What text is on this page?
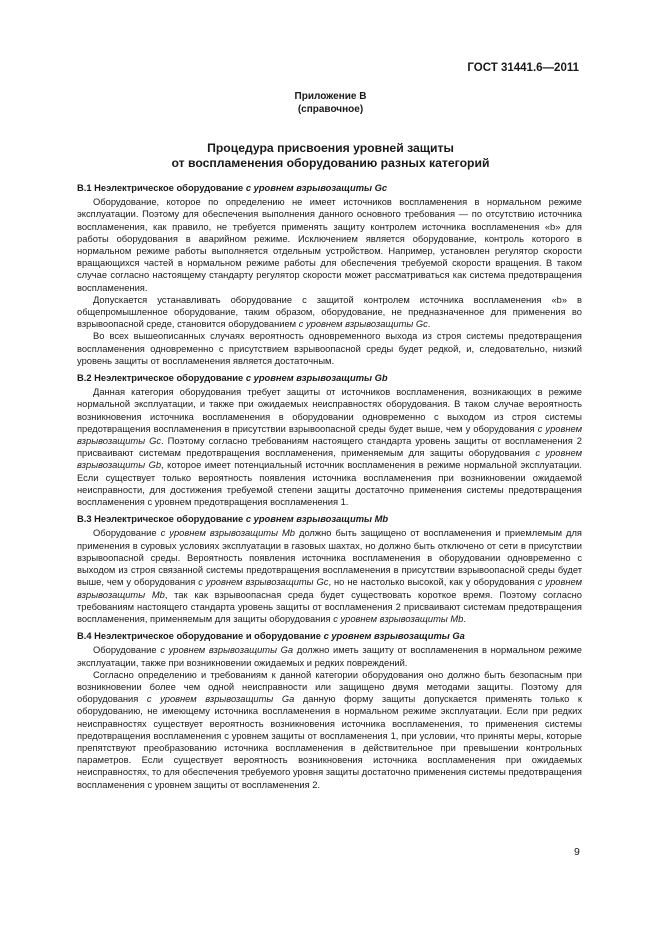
ГОСТ 31441.6—2011
Приложение В
(справочное)
Процедура присвоения уровней защиты
от воспламенения оборудованию разных категорий
В.1 Неэлектрическое оборудование с уровнем взрывозащиты Gc

Оборудование, которое по определению не имеет источников воспламенения в нормальном режиме эксплуатации. Поэтому для обеспечения выполнения данного основного требования — по отсутствию источника воспламенения, как правило, не требуется применять защиту контролем источника воспламенения «b» для работы оборудования в аварийном режиме. Исключением является оборудование, контроль которого в нормальном режиме работы выполняется отдельным устройством. Например, установлен регулятор скорости вращающихся частей в нормальном режиме работы для обеспечения требуемой скорости вращения. В таком случае согласно настоящему стандарту регулятор скорости может рассматриваться как система предотвращения воспламенения.

Допускается устанавливать оборудование с защитой контролем источника воспламенения «b» в общепромышленное оборудование, таким образом, оборудование, не предназначенное для применения во взрывоопасной среде, становится оборудованием с уровнем взрывозащиты Gc.

Во всех вышеописанных случаях вероятность одновременного выхода из строя системы предотвращения воспламенения одновременно с присутствием взрывоопасной среды будет редкой, и, следовательно, низкий уровень защиты от воспламенения является достаточным.

В.2 Неэлектрическое оборудование с уровнем взрывозащиты Gb

Данная категория оборудования требует защиты от источников воспламенения, возникающих в режиме нормальной эксплуатации, и также при ожидаемых неисправностях оборудования. В таком случае вероятность возникновения источника воспламенения в оборудовании одновременно с выходом из строя системы предотвращения воспламенения в присутствии взрывоопасной среды будет выше, чем у оборудования с уровнем взрывозащиты Gc. Поэтому согласно требованиям настоящего стандарта уровень защиты от воспламенения 2 присваивают системам предотвращения воспламенения, применяемым для защиты оборудования с уровнем взрывозащиты Gb, которое имеет потенциальный источник воспламенения в режиме нормальной эксплуатации. Если существует только вероятность появления источника воспламенения при возникновении ожидаемой неисправности, для достижения требуемой степени защиты достаточно применения системы предотвращения воспламенения с уровнем предотвращения воспламенения 1.

В.3 Неэлектрическое оборудование с уровнем взрывозащиты Mb

Оборудование с уровнем взрывозащиты Mb должно быть защищено от воспламенения и приемлемым для применения в суровых условиях эксплуатации в газовых шахтах, но должно быть отключено от сети в присутствии взрывоопасной среды. Вероятность появления источника воспламенения в оборудовании одновременно с выходом из строя связанной системы предотвращения воспламенения в присутствии взрывоопасной среды будет выше, чем у оборудования с уровнем взрывозащиты Gc, но не настолько высокой, как у оборудования с уровнем взрывозащиты Mb, так как взрывоопасная среда будет существовать короткое время. Поэтому согласно требованиям настоящего стандарта уровень защиты от воспламенения 2 присваивают системам предотвращения воспламенения, применяемым для защиты оборудования с уровнем взрывозащиты Mb.

В.4 Неэлектрическое оборудование и оборудование с уровнем взрывозащиты Ga

Оборудование с уровнем взрывозащиты Ga должно иметь защиту от воспламенения в нормальном режиме эксплуатации, также при возникновении ожидаемых и редких повреждений.

Согласно определению и требованиям к данной категории оборудования оно должно быть безопасным при возникновении более чем одной неисправности или защищено двумя методами защиты. Поэтому для оборудования с уровнем взрывозащиты Ga данную форму защиты допускается применять только к оборудованию, не имеющему источника воспламенения в нормальном режиме эксплуатации. Если при редких неисправностях существует вероятность возникновения источника воспламенения, то применения системы предотвращения воспламенения с уровнем защиты от воспламенения 1, при условии, что приняты меры, которые препятствуют преобразованию источника воспламенения в действительное при превышении контрольных параметров. Если существует вероятность возникновения источника воспламенения при ожидаемых неисправностях, то для обеспечения требуемого уровня защиты достаточно применения системы предотвращения воспламенения с уровнем защиты от воспламенения 2.

9
